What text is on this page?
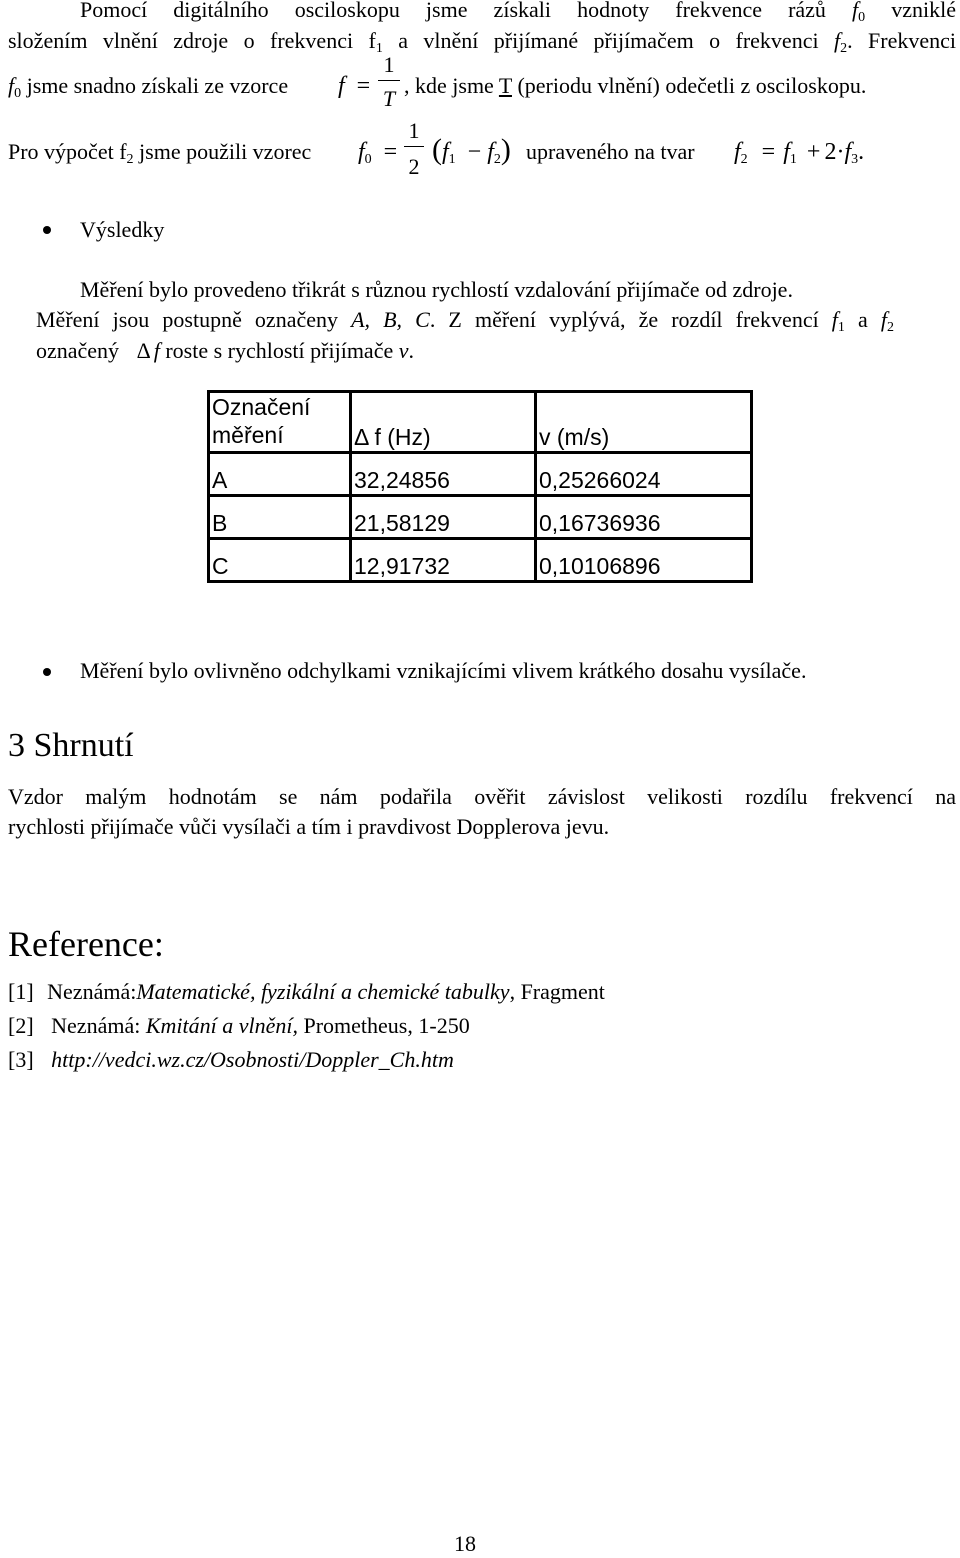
Pomocí digitálního osciloskopu jsme získali hodnoty frekvence rázů $f_0$ vzniklé
složením vlnění zdroje o frekvenci $f_1$ a vlnění přijímané přijímačem o frekvenci $f_2$. Frekvenci
$f_0$ jsme snadno získali ze vzorce f =
1
T
, kde jsme T (periodu vlnění) odečetli z osciloskopu.
Pro výpočet $f_2$ jsme použili vzorec $f_0$ =
1
2
$(f_1 - f_2)$ upraveného na tvar $f_2 = f_1 + 2\cdot f_3$.
Výsledky
Měření bylo provedeno třikrát s různou rychlostí vzdalování přijímače od zdroje.
Měření jsou postupně označeny A, B, C. Z měření vyplývá, že rozdíl frekvencí $f_1$ a $f_2$
označený Δ f roste s rychlostí přijímače v.
Označení
měření	Δ f (Hz)	v (m/s)
A	32,24856	0,25266024
B	21,58129	0,16736936
C	12,91732	0,10106896
Měření bylo ovlivněno odchylkami vznikajícími vlivem krátkého dosahu vysílače.
3 Shrnutí
Vzdor malým hodnotám se nám podařila ověřit závislost velikosti rozdílu frekvencí na
rychlosti přijímače vůči vysílači a tím i pravdivost Dopplerova jevu.
Reference:
[1] Neznámá:Matematické, fyzikální a chemické tabulky, Fragment
[2] Neznámá: Kmitání a vlnění, Prometheus, 1-250
[3] http://vedci.wz.cz/Osobnosti/Doppler_Ch.htm
18
